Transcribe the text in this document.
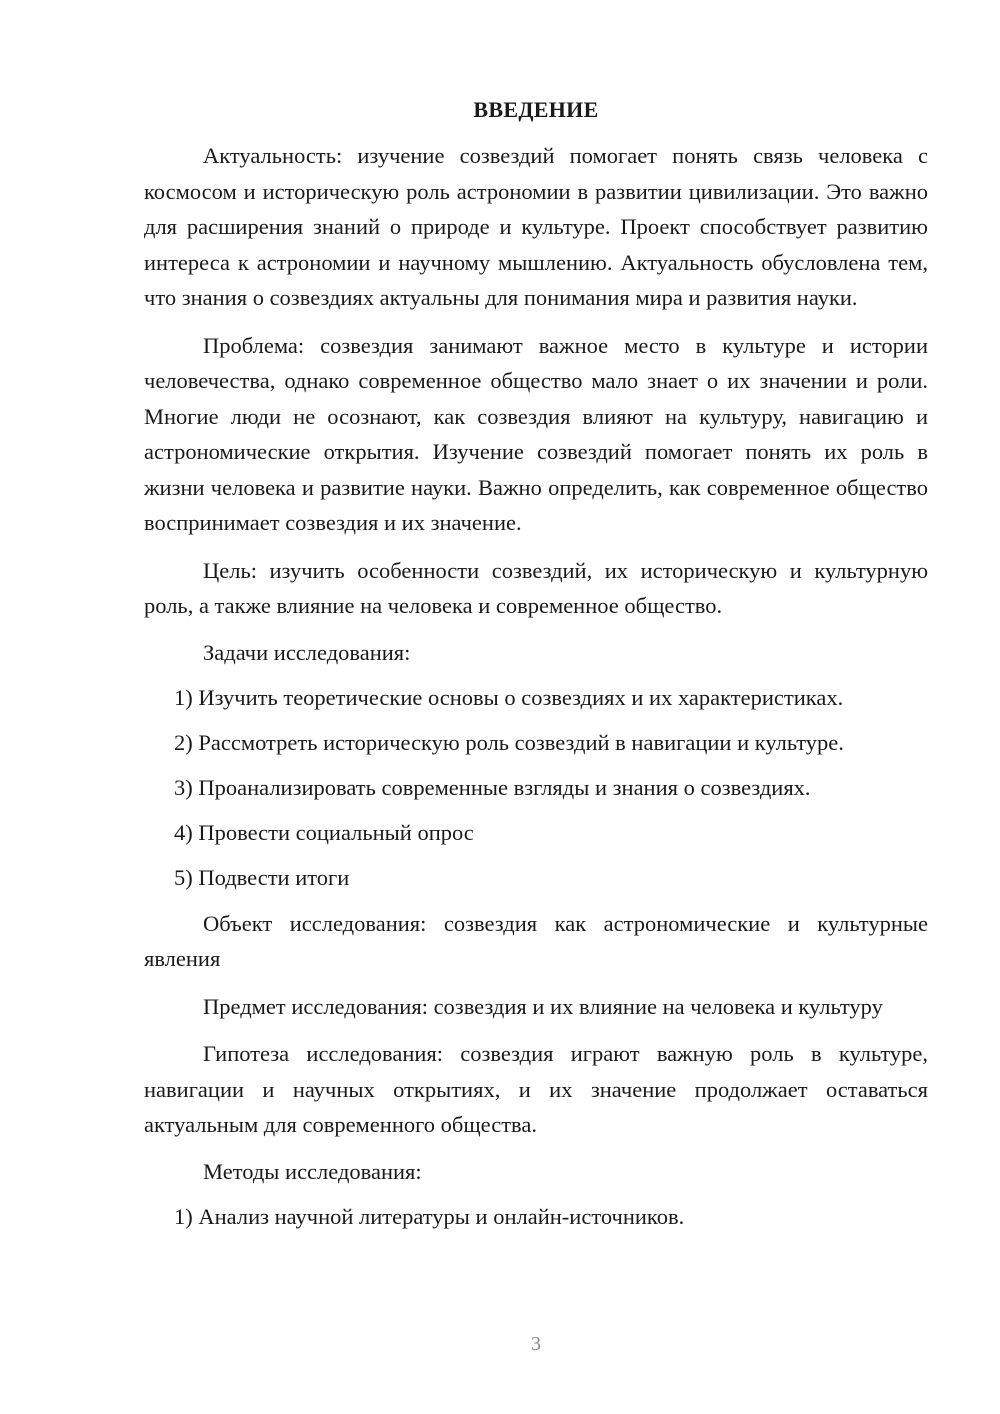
ВВЕДЕНИЕ

Актуальность: изучение созвездий помогает понять связь человека с космосом и историческую роль астрономии в развитии цивилизации. Это важно для расширения знаний о природе и культуре. Проект способствует развитию интереса к астрономии и научному мышлению. Актуальность обусловлена тем, что знания о созвездиях актуальны для понимания мира и развития науки.

Проблема: созвездия занимают важное место в культуре и истории человечества, однако современное общество мало знает о их значении и роли. Многие люди не осознают, как созвездия влияют на культуру, навигацию и астрономические открытия. Изучение созвездий помогает понять их роль в жизни человека и развитие науки. Важно определить, как современное общество воспринимает созвездия и их значение.

Цель: изучить особенности созвездий, их историческую и культурную роль, а также влияние на человека и современное общество.

Задачи исследования:

1) Изучить теоретические основы о созвездиях и их характеристиках.

2) Рассмотреть историческую роль созвездий в навигации и культуре.

3) Проанализировать современные взгляды и знания о созвездиях.

4) Провести социальный опрос

5) Подвести итоги

Объект исследования: созвездия как астрономические и культурные явления

Предмет исследования: созвездия и их влияние на человека и культуру

Гипотеза исследования: созвездия играют важную роль в культуре, навигации и научных открытиях, и их значение продолжает оставаться актуальным для современного общества.

Методы исследования:

1) Анализ научной литературы и онлайн-источников.

3
